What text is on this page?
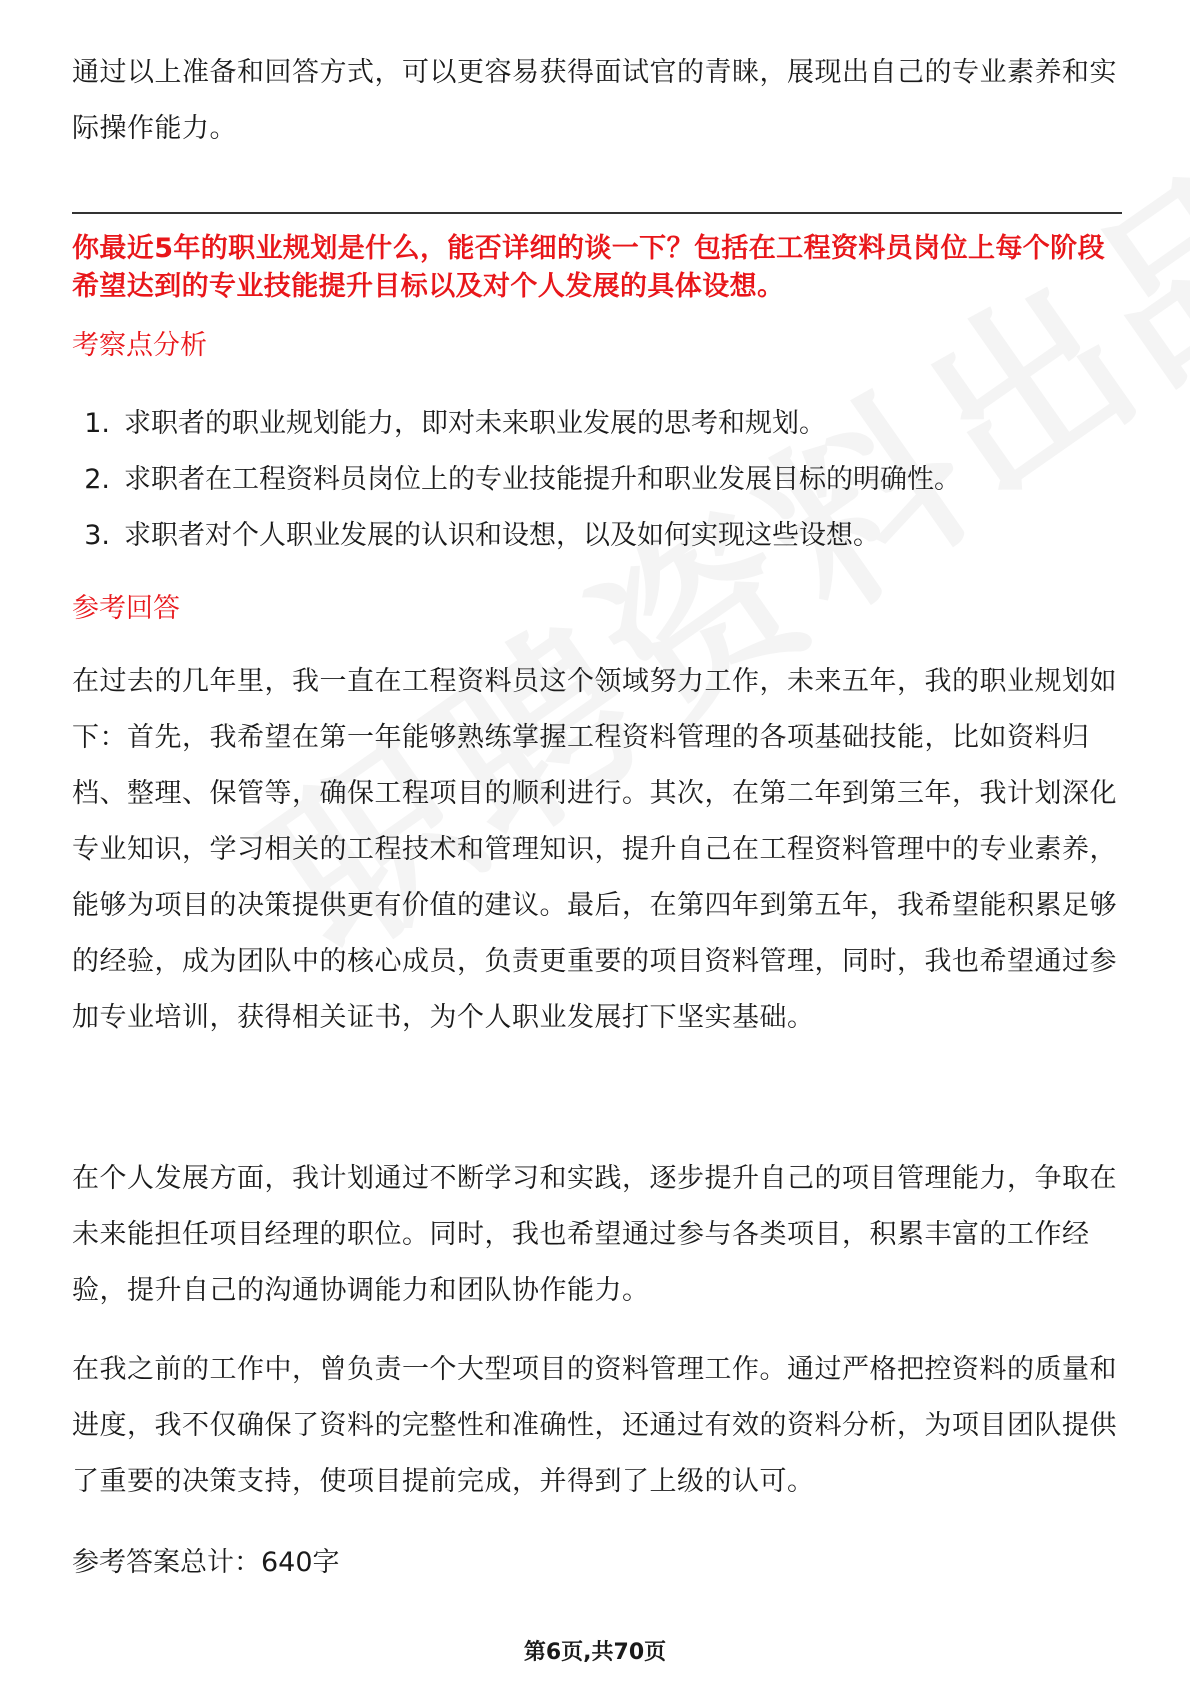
通过以上准备和回答方式，可以更容易获得面试官的青睐，展现出自己的专业素养和实际操作能力。

你最近5年的职业规划是什么，能否详细的谈一下？包括在工程资料员岗位上每个阶段希望达到的专业技能提升目标以及对个人发展的具体设想。

考察点分析

1. 求职者的职业规划能力，即对未来职业发展的思考和规划。
2. 求职者在工程资料员岗位上的专业技能提升和职业发展目标的明确性。
3. 求职者对个人职业发展的认识和设想，以及如何实现这些设想。

参考回答

在过去的几年里，我一直在工程资料员这个领域努力工作，未来五年，我的职业规划如下：首先，我希望在第一年能够熟练掌握工程资料管理的各项基础技能，比如资料归档、整理、保管等，确保工程项目的顺利进行。其次，在第二年到第三年，我计划深化专业知识，学习相关的工程技术和管理知识，提升自己在工程资料管理中的专业素养，能够为项目的决策提供更有价值的建议。最后，在第四年到第五年，我希望能积累足够的经验，成为团队中的核心成员，负责更重要的项目资料管理，同时，我也希望通过参加专业培训，获得相关证书，为个人职业发展打下坚实基础。

在个人发展方面，我计划通过不断学习和实践，逐步提升自己的项目管理能力，争取在未来能担任项目经理的职位。同时，我也希望通过参与各类项目，积累丰富的工作经验，提升自己的沟通协调能力和团队协作能力。

在我之前的工作中，曾负责一个大型项目的资料管理工作。通过严格把控资料的质量和进度，我不仅确保了资料的完整性和准确性，还通过有效的资料分析，为项目团队提供了重要的决策支持，使项目提前完成，并得到了上级的认可。

参考答案总计：640字

第6页,共70页
